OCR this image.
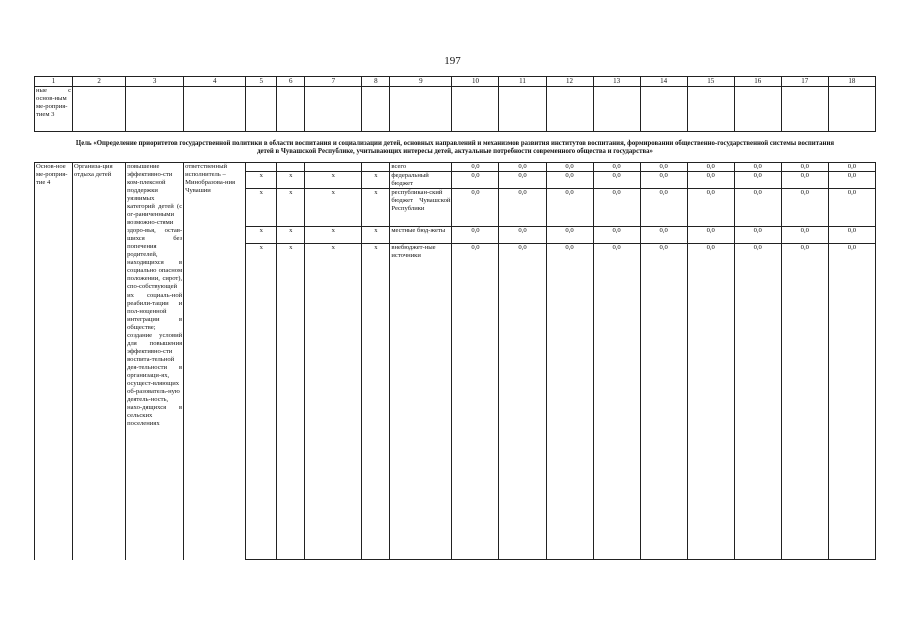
197
1	2	3	4	5	6	7	8	9	10	11	12	13	14	15	16	17	18
ные с основ-ным ме-роприя-тием 3																	
Цель «Определение приоритетов государственной политики в области воспитания и социализации детей, основных направлений и механизмов развития институтов воспитания, формировании общественно-государственной системы воспитания детей в Чувашской Республике, учитывающих интересы детей, актуальные потребности современного общества и государства»																	
Основ-ное ме-роприя-тие 4	Организа-ция отдыха детей	повышение эффективно-сти ком-плексной поддержки уязвимых категорий детей (с ог-раниченными возможно-стями здоро-вья, остав-шихся без попечения родителей, находящихся в социально опасном положении, сирот), спо-собствующей их социаль-ной реабили-тации и пол-ноценной интеграции в обществе; создание условий для повышения эффективно-сти воспита-тельной дея-тельности в организаци-ях, осущест-вляющих об-разователь-ную деятель-ность, нахо-дящихся в сельских поселениях	ответственный исполнитель – Минобразова-ния Чувашии					всего	0,0	0,0	0,0	0,0	0,0	0,0	0,0	0,0	0,0
				х	х	х	х	федеральный бюджет	0,0	0,0	0,0	0,0	0,0	0,0	0,0	0,0	0,0
				х	х	х	х	республикан-ский бюджет Чувашской Республики	0,0	0,0	0,0	0,0	0,0	0,0	0,0	0,0	0,0
				х	х	х	х	местные бюд-жеты	0,0	0,0	0,0	0,0	0,0	0,0	0,0	0,0	0,0
				х	х	х	х	внебюджет-ные источники	0,0	0,0	0,0	0,0	0,0	0,0	0,0	0,0	0,0
